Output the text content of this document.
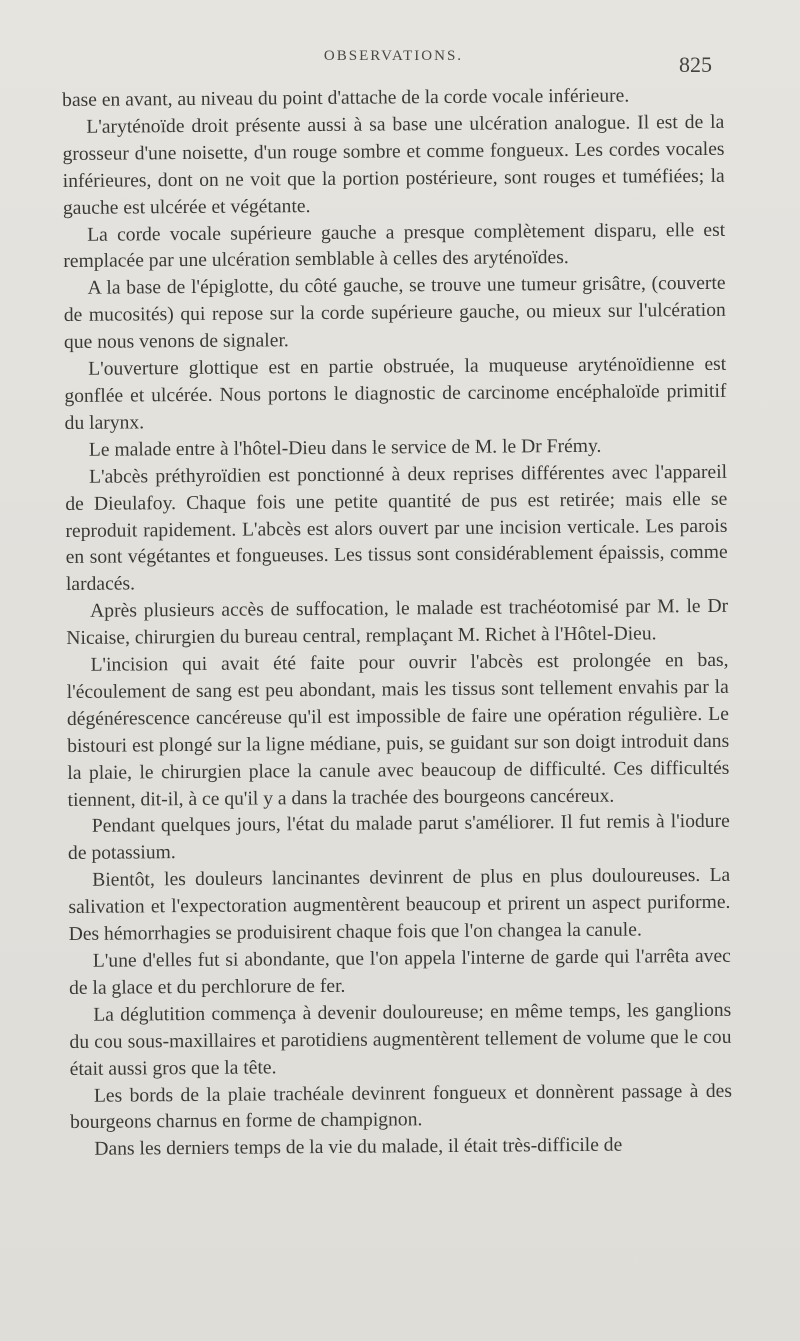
OBSERVATIONS.	825

base en avant, au niveau du point d'attache de la corde vocale inférieure.

L'aryténoïde droit présente aussi à sa base une ulcération analogue. Il est de la grosseur d'une noisette, d'un rouge sombre et comme fongueux. Les cordes vocales inférieures, dont on ne voit que la portion postérieure, sont rouges et tuméfiées; la gauche est ulcérée et végétante.

La corde vocale supérieure gauche a presque complètement disparu, elle est remplacée par une ulcération semblable à celles des aryténoïdes.

A la base de l'épiglotte, du côté gauche, se trouve une tumeur grisâtre, (couverte de mucosités) qui repose sur la corde supérieure gauche, ou mieux sur l'ulcération que nous venons de signaler.

L'ouverture glottique est en partie obstruée, la muqueuse aryténoïdienne est gonflée et ulcérée. Nous portons le diagnostic de carcinome encéphaloïde primitif du larynx.

Le malade entre à l'hôtel-Dieu dans le service de M. le Dr Frémy.

L'abcès préthyroïdien est ponctionné à deux reprises différentes avec l'appareil de Dieulafoy. Chaque fois une petite quantité de pus est retirée; mais elle se reproduit rapidement. L'abcès est alors ouvert par une incision verticale. Les parois en sont végétantes et fongueuses. Les tissus sont considérablement épaissis, comme lardacés.

Après plusieurs accès de suffocation, le malade est trachéotomisé par M. le Dr Nicaise, chirurgien du bureau central, remplaçant M. Richet à l'Hôtel-Dieu.

L'incision qui avait été faite pour ouvrir l'abcès est prolongée en bas, l'écoulement de sang est peu abondant, mais les tissus sont tellement envahis par la dégénérescence cancéreuse qu'il est impossible de faire une opération régulière. Le bistouri est plongé sur la ligne médiane, puis, se guidant sur son doigt introduit dans la plaie, le chirurgien place la canule avec beaucoup de difficulté. Ces difficultés tiennent, dit-il, à ce qu'il y a dans la trachée des bourgeons cancéreux.

Pendant quelques jours, l'état du malade parut s'améliorer. Il fut remis à l'iodure de potassium.

Bientôt, les douleurs lancinantes devinrent de plus en plus douloureuses. La salivation et l'expectoration augmentèrent beaucoup et prirent un aspect puriforme. Des hémorrhagies se produisirent chaque fois que l'on changea la canule.

L'une d'elles fut si abondante, que l'on appela l'interne de garde qui l'arrêta avec de la glace et du perchlorure de fer.

La déglutition commença à devenir douloureuse; en même temps, les ganglions du cou sous-maxillaires et parotidiens augmentèrent tellement de volume que le cou était aussi gros que la tête.

Les bords de la plaie trachéale devinrent fongueux et donnèrent passage à des bourgeons charnus en forme de champignon.

Dans les derniers temps de la vie du malade, il était très-difficile de
